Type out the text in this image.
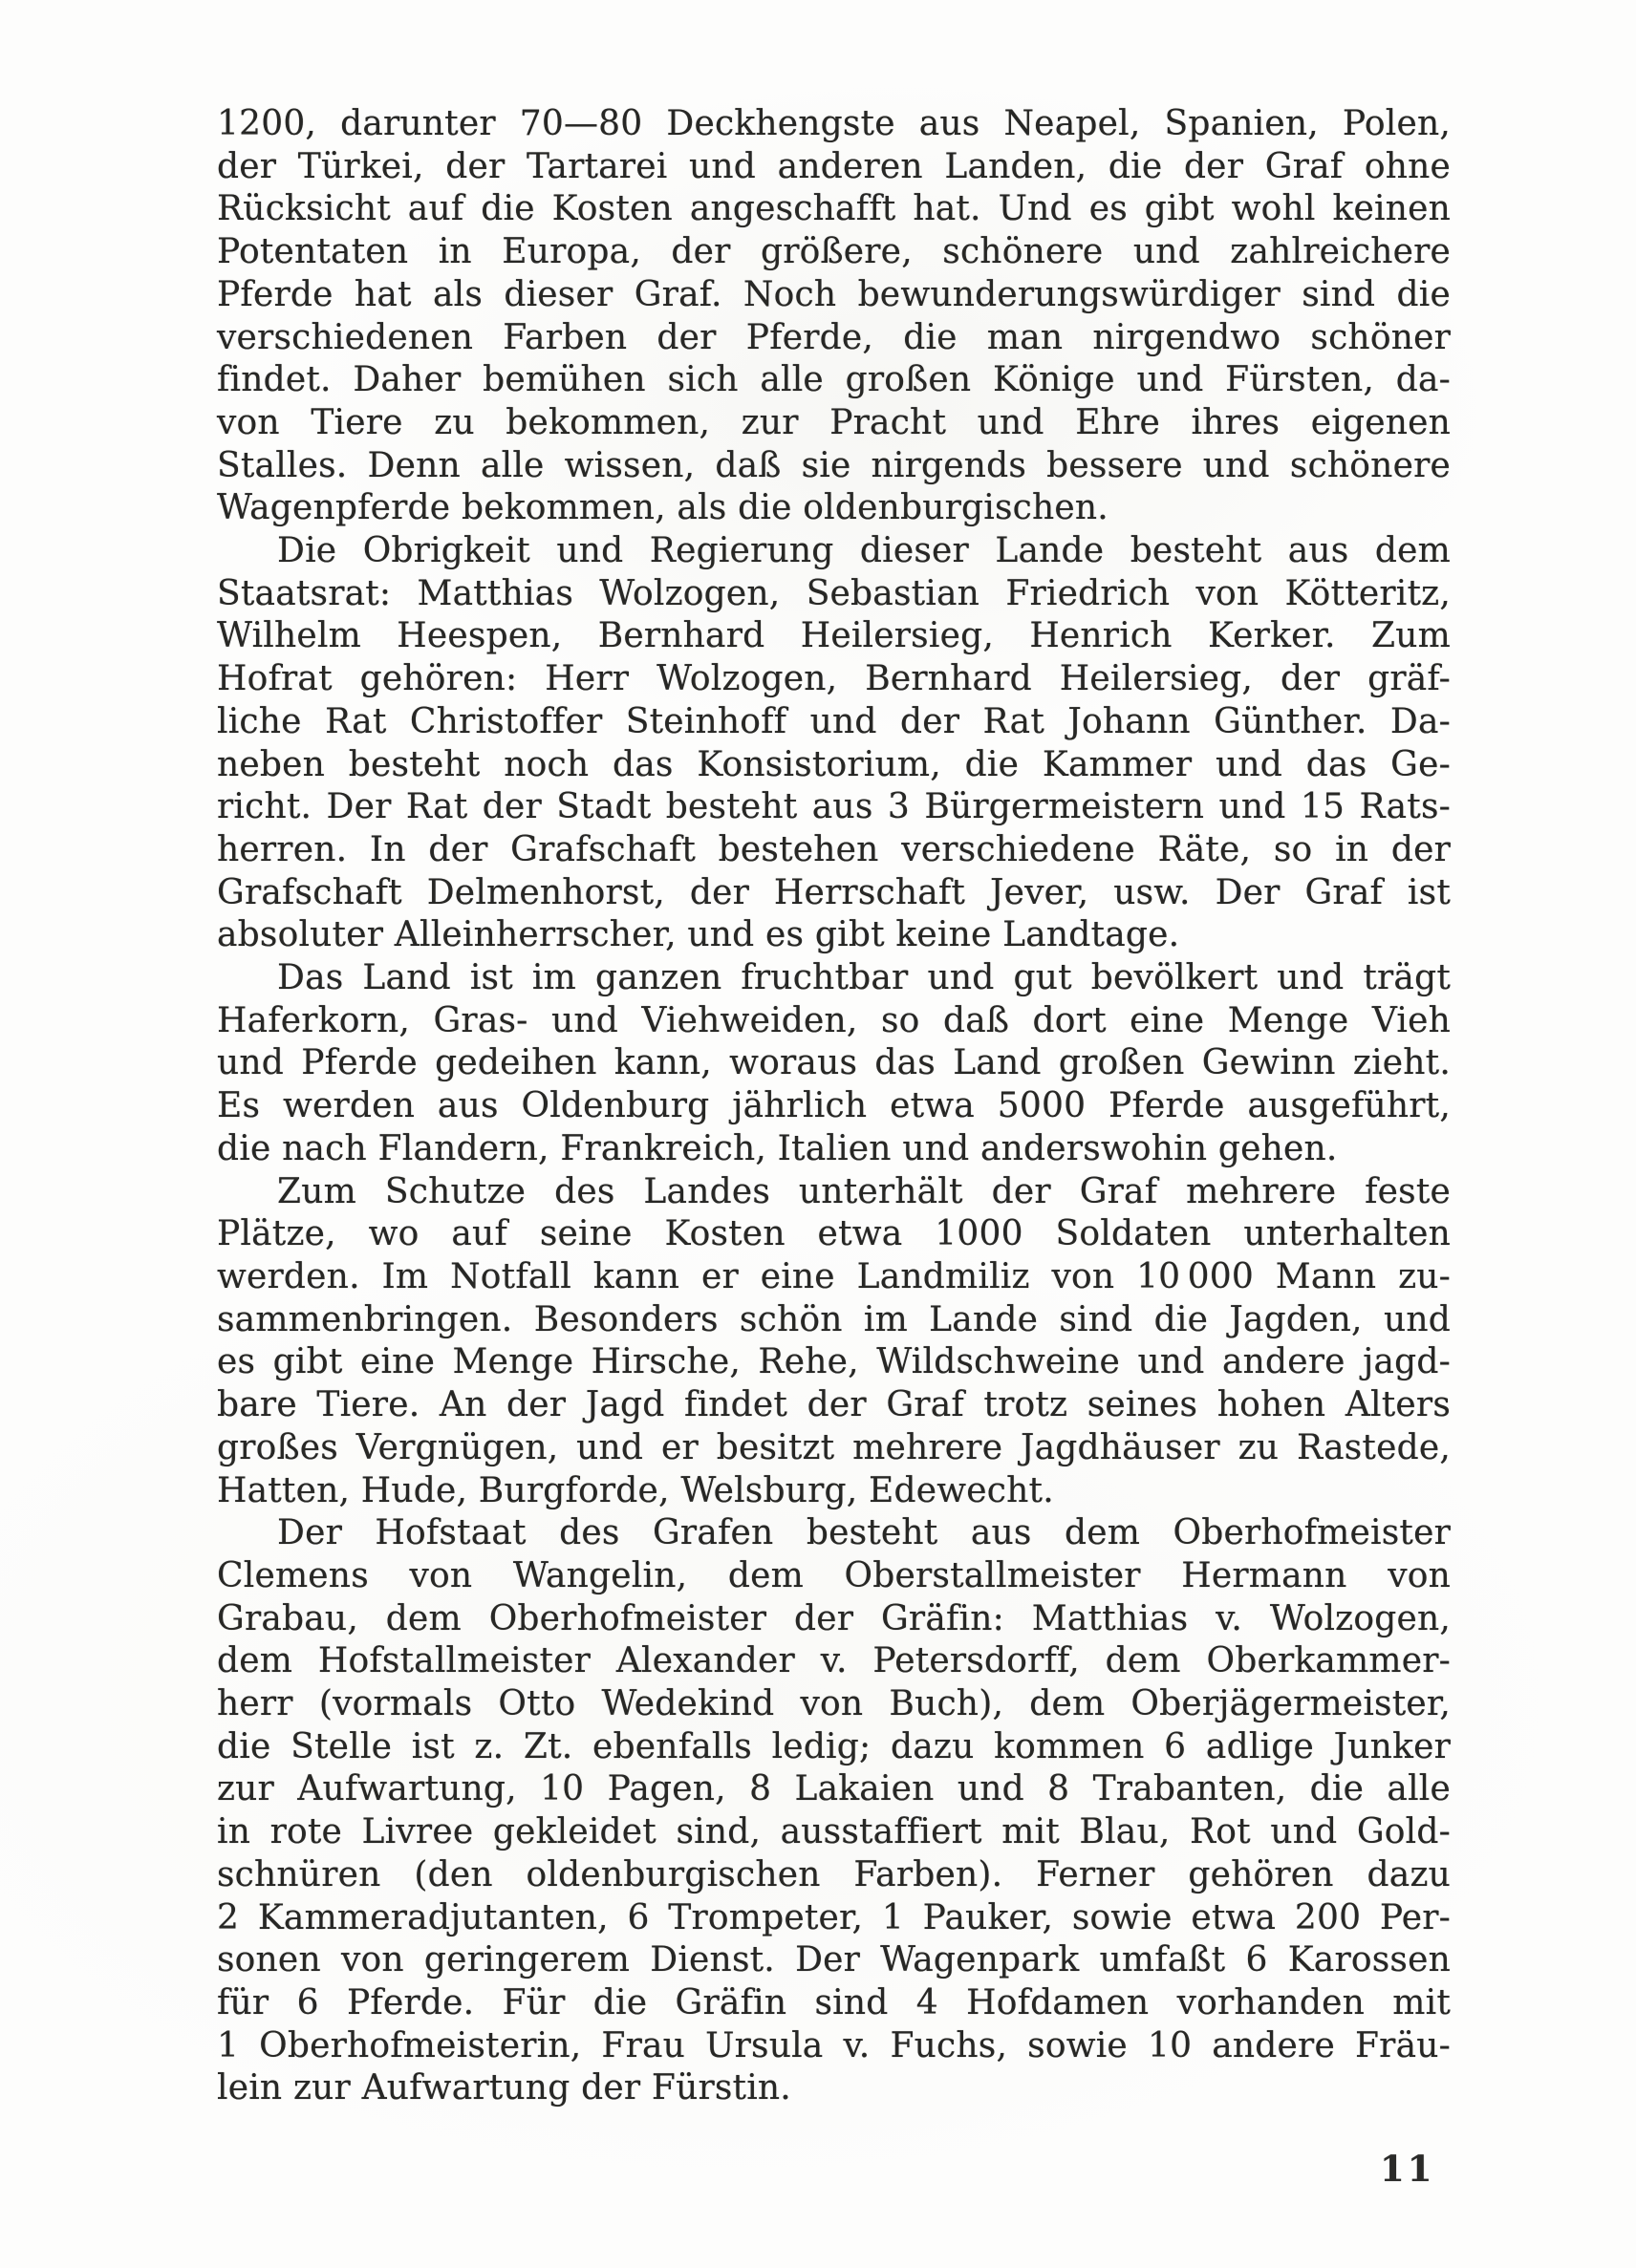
1200, darunter 70—80 Deckhengste aus Neapel, Spanien, Polen,
der Türkei, der Tartarei und anderen Landen, die der Graf ohne
Rücksicht auf die Kosten angeschafft hat. Und es gibt wohl keinen
Potentaten in Europa, der größere, schönere und zahlreichere
Pferde hat als dieser Graf. Noch bewunderungswürdiger sind die
verschiedenen Farben der Pferde, die man nirgendwo schöner
findet. Daher bemühen sich alle großen Könige und Fürsten, da-
von Tiere zu bekommen, zur Pracht und Ehre ihres eigenen
Stalles. Denn alle wissen, daß sie nirgends bessere und schönere
Wagenpferde bekommen, als die oldenburgischen.
Die Obrigkeit und Regierung dieser Lande besteht aus dem
Staatsrat: Matthias Wolzogen, Sebastian Friedrich von Kötteritz,
Wilhelm Heespen, Bernhard Heilersieg, Henrich Kerker. Zum
Hofrat gehören: Herr Wolzogen, Bernhard Heilersieg, der gräf-
liche Rat Christoffer Steinhoff und der Rat Johann Günther. Da-
neben besteht noch das Konsistorium, die Kammer und das Ge-
richt. Der Rat der Stadt besteht aus 3 Bürgermeistern und 15 Rats-
herren. In der Grafschaft bestehen verschiedene Räte, so in der
Grafschaft Delmenhorst, der Herrschaft Jever, usw. Der Graf ist
absoluter Alleinherrscher, und es gibt keine Landtage.
Das Land ist im ganzen fruchtbar und gut bevölkert und trägt
Haferkorn, Gras- und Viehweiden, so daß dort eine Menge Vieh
und Pferde gedeihen kann, woraus das Land großen Gewinn zieht.
Es werden aus Oldenburg jährlich etwa 5000 Pferde ausgeführt,
die nach Flandern, Frankreich, Italien und anderswohin gehen.
Zum Schutze des Landes unterhält der Graf mehrere feste
Plätze, wo auf seine Kosten etwa 1000 Soldaten unterhalten
werden. Im Notfall kann er eine Landmiliz von 10 000 Mann zu-
sammenbringen. Besonders schön im Lande sind die Jagden, und
es gibt eine Menge Hirsche, Rehe, Wildschweine und andere jagd-
bare Tiere. An der Jagd findet der Graf trotz seines hohen Alters
großes Vergnügen, und er besitzt mehrere Jagdhäuser zu Rastede,
Hatten, Hude, Burgforde, Welsburg, Edewecht.
Der Hofstaat des Grafen besteht aus dem Oberhofmeister
Clemens von Wangelin, dem Oberstallmeister Hermann von
Grabau, dem Oberhofmeister der Gräfin: Matthias v. Wolzogen,
dem Hofstallmeister Alexander v. Petersdorff, dem Oberkammer-
herr (vormals Otto Wedekind von Buch), dem Oberjägermeister,
die Stelle ist z. Zt. ebenfalls ledig; dazu kommen 6 adlige Junker
zur Aufwartung, 10 Pagen, 8 Lakaien und 8 Trabanten, die alle
in rote Livree gekleidet sind, ausstaffiert mit Blau, Rot und Gold-
schnüren (den oldenburgischen Farben). Ferner gehören dazu
2 Kammeradjutanten, 6 Trompeter, 1 Pauker, sowie etwa 200 Per-
sonen von geringerem Dienst. Der Wagenpark umfaßt 6 Karossen
für 6 Pferde. Für die Gräfin sind 4 Hofdamen vorhanden mit
1 Oberhofmeisterin, Frau Ursula v. Fuchs, sowie 10 andere Fräu-
lein zur Aufwartung der Fürstin.
11
